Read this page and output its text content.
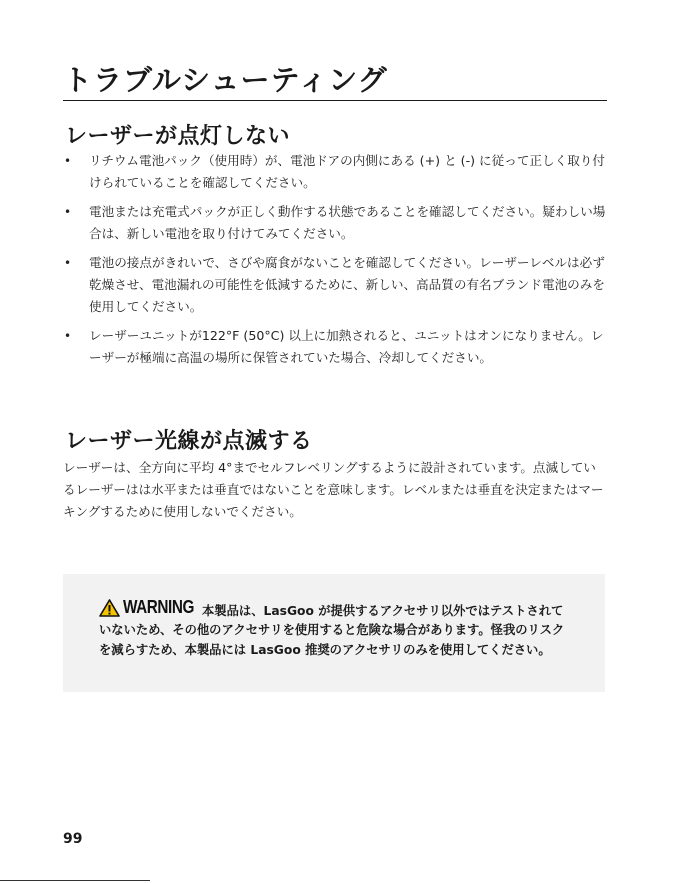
トラブルシューティング
レーザーが点灯しない
• リチウム電池パック（使用時）が、電池ドアの内側にある (+) と (-) に従って正しく取り付けられていることを確認してください。
• 電池または充電式パックが正しく動作する状態であることを確認してください。疑わしい場合は、新しい電池を取り付けてみてください。
• 電池の接点がきれいで、さびや腐食がないことを確認してください。レーザーレベルは必ず乾燥させ、電池漏れの可能性を低減するために、新しい、高品質の有名ブランド電池のみを使用してください。
• レーザーユニットが122°F (50°C) 以上に加熱されると、ユニットはオンになりません。レーザーが極端に高温の場所に保管されていた場合、冷却してください。
レーザー光線が点滅する

レーザーは、全方向に平均 4°までセルフレベリングするように設計されています。点滅しているレーザーはは水平または垂直ではないことを意味します。レベルまたは垂直を決定またはマーキングするために使用しないでください。

WARNING 本製品は、LasGoo が提供するアクセサリ以外ではテストされていないため、その他のアクセサリを使用すると危険な場合があります。怪我のリスクを減らすため、本製品には LasGoo 推奨のアクセサリのみを使用してください。
99
